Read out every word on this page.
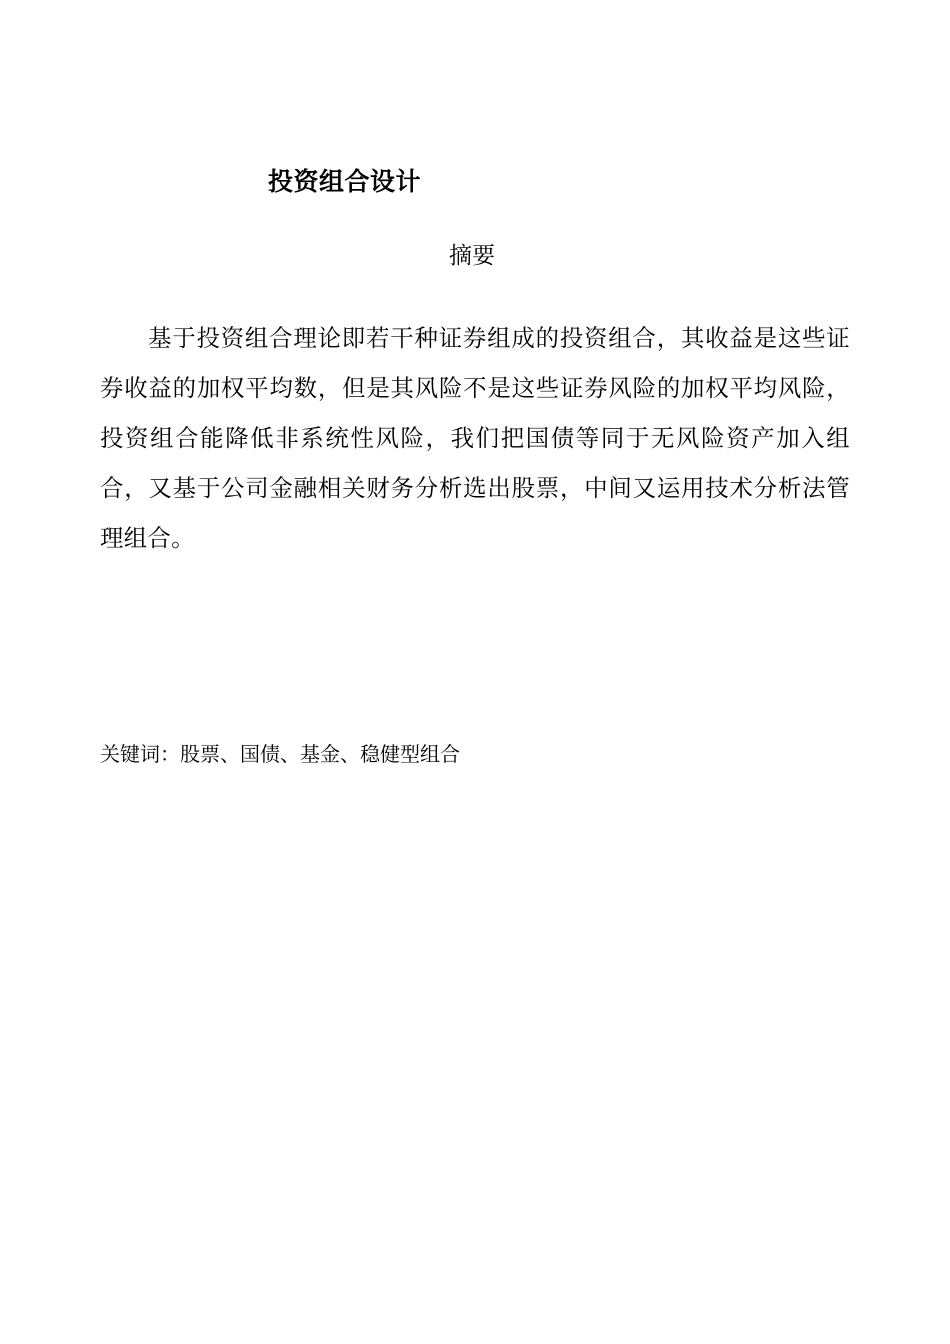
投资组合设计
摘要

基于投资组合理论即若干种证券组成的投资组合，其收益是这些证券收益的加权平均数，但是其风险不是这些证券风险的加权平均风险，投资组合能降低非系统性风险，我们把国债等同于无风险资产加入组合，又基于公司金融相关财务分析选出股票，中间又运用技术分析法管理组合。

关键词：股票、国债、基金、稳健型组合
